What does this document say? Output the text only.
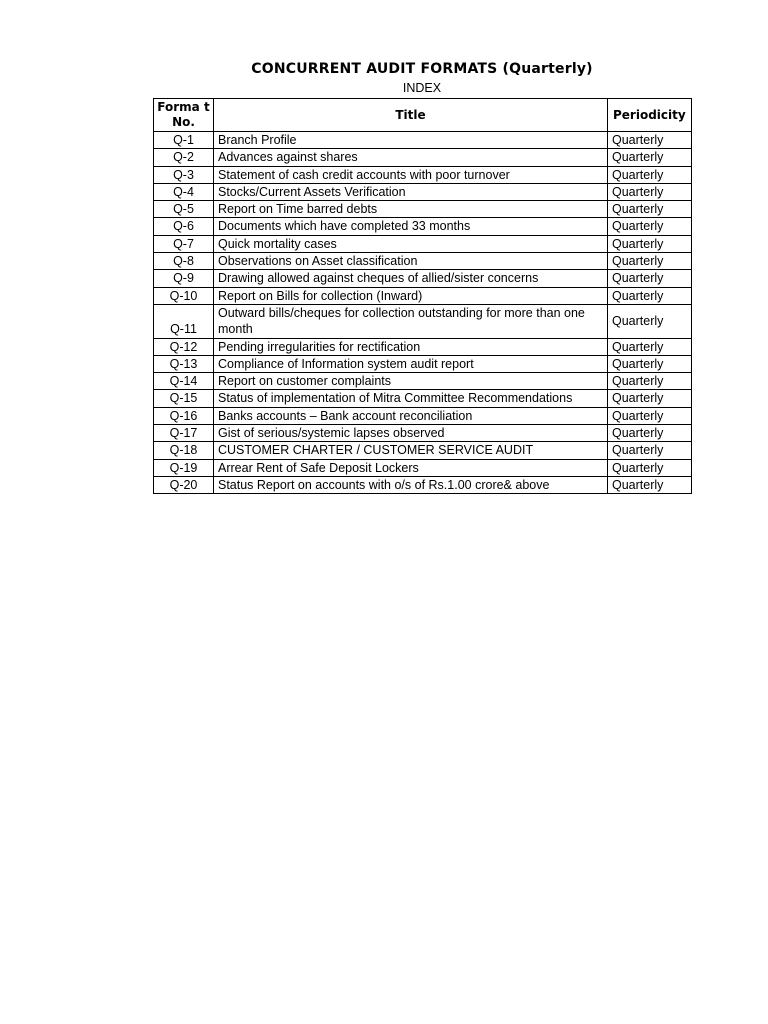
CONCURRENT AUDIT FORMATS (Quarterly)
INDEX
Forma t No.	Title	Periodicity
Q-1	Branch Profile	Quarterly
Q-2	Advances against shares	Quarterly
Q-3	Statement of cash credit accounts with poor turnover	Quarterly
Q-4	Stocks/Current Assets Verification	Quarterly
Q-5	Report on Time barred debts	Quarterly
Q-6	Documents which have completed 33 months	Quarterly
Q-7	Quick mortality cases	Quarterly
Q-8	Observations on Asset classification	Quarterly
Q-9	Drawing allowed against cheques of allied/sister concerns	Quarterly
Q-10	Report on Bills for collection (Inward)	Quarterly
Q-11	Outward bills/cheques for collection outstanding for more than one month	Quarterly
Q-12	Pending irregularities for rectification	Quarterly
Q-13	Compliance of Information system audit report	Quarterly
Q-14	Report on customer complaints	Quarterly
Q-15	Status of implementation of Mitra Committee Recommendations	Quarterly
Q-16	Banks accounts – Bank account reconciliation	Quarterly
Q-17	Gist of serious/systemic lapses observed	Quarterly
Q-18	CUSTOMER CHARTER / CUSTOMER SERVICE AUDIT	Quarterly
Q-19	Arrear Rent of Safe Deposit Lockers	Quarterly
Q-20	Status Report on accounts with o/s of Rs.1.00 crore& above	Quarterly
